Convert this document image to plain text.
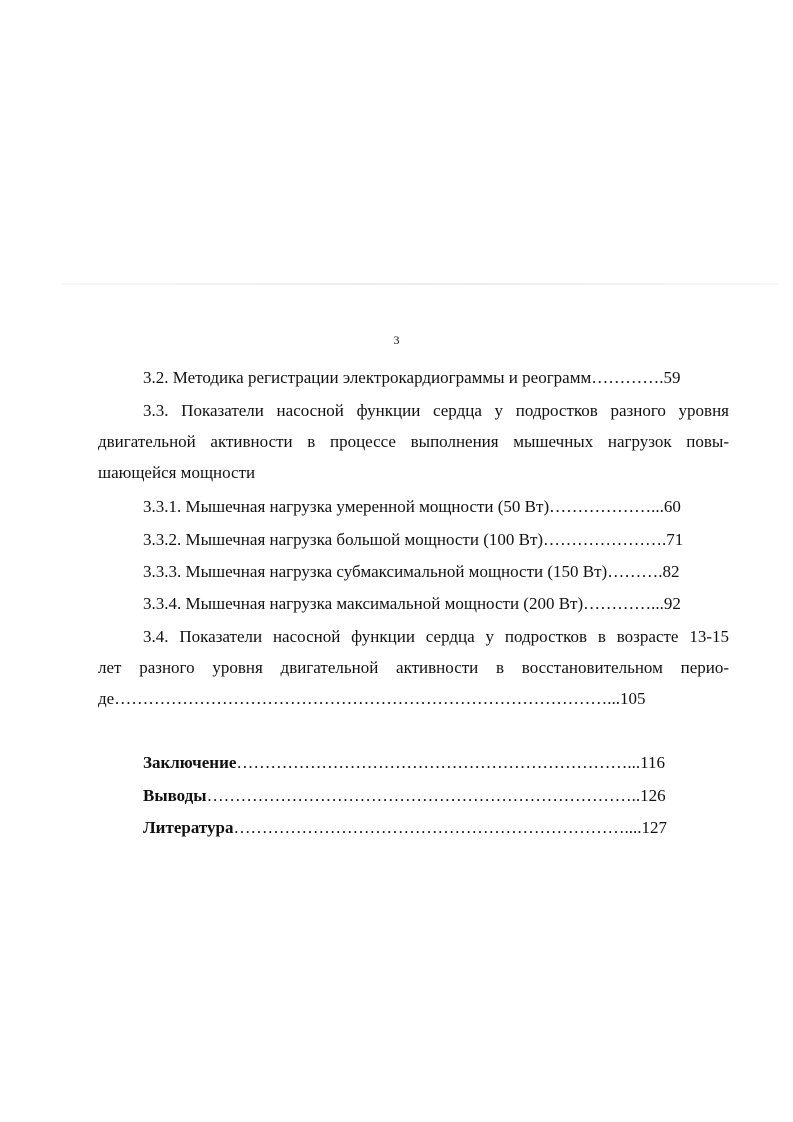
3
3.2. Методика регистрации электрокардиограммы и реограмм………….59
3.3. Показатели насосной функции сердца у подростков разного уровня
двигательной активности в процессе выполнения мышечных нагрузок повы-
шающейся мощности
3.3.1. Мышечная нагрузка умеренной мощности (50 Вт)………………...60
3.3.2. Мышечная нагрузка большой мощности (100 Вт)………………….71
3.3.3. Мышечная нагрузка субмаксимальной мощности (150 Вт)……….82
3.3.4. Мышечная нагрузка максимальной мощности (200 Вт)…………...92
3.4. Показатели насосной функции сердца у подростков в возрасте 13-15
лет разного уровня двигательной активности в восстановительном перио-
де……………………………………………………………………………...105
Заключение……………………………………………………………...116
Выводы…………………………………………………………………..126
Литература……………………………………………………………....127
